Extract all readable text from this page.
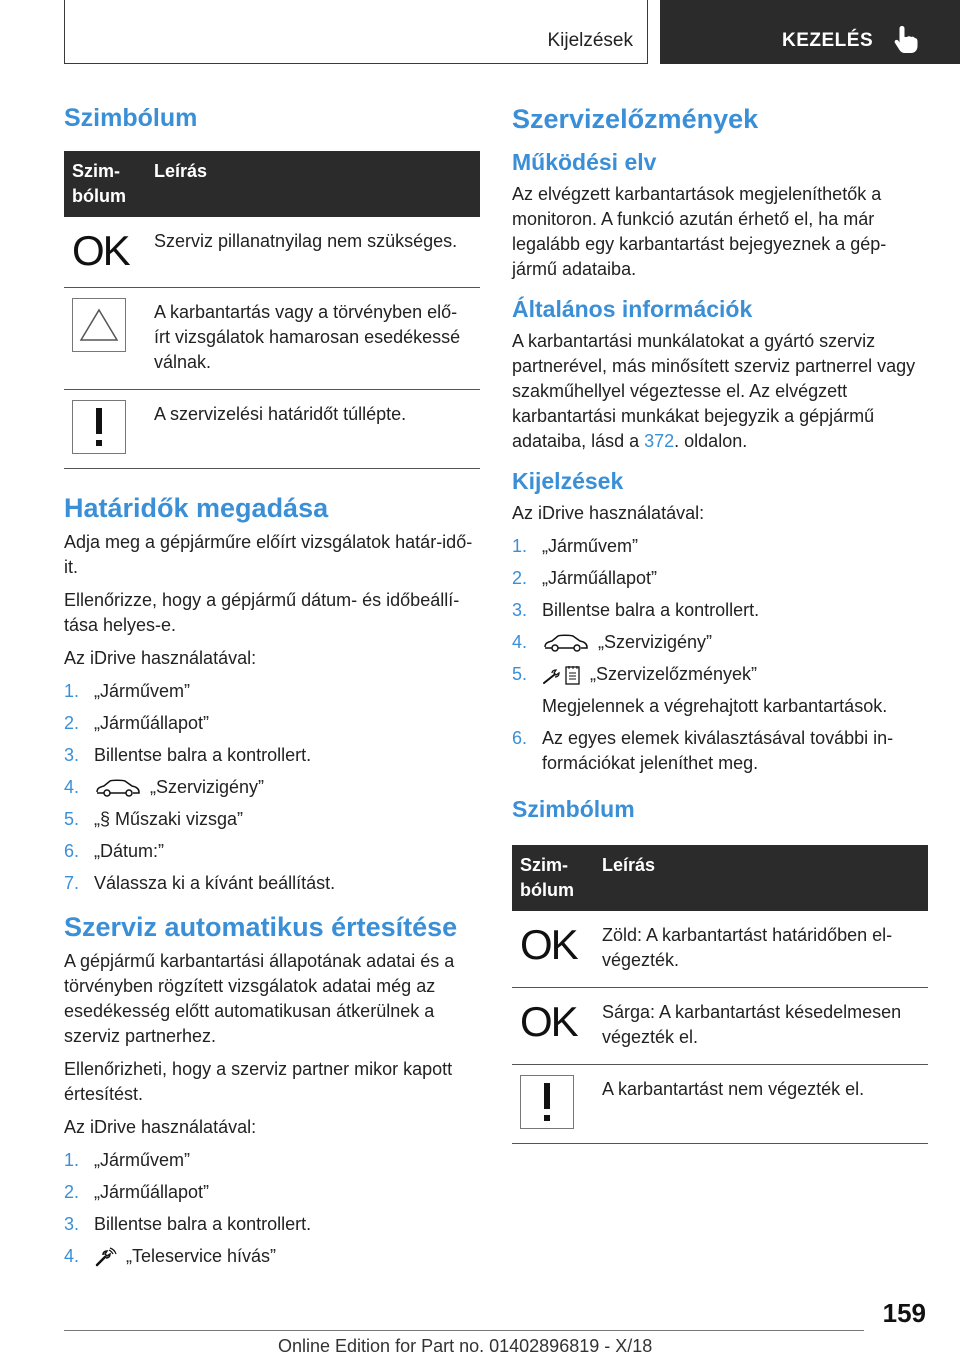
Kijelzések	KEZELÉS
Szimbólum
Szim-
bólum	Leírás

OK	Szerviz pillanatnyilag nem szükséges.

	A karbantartás vagy a törvényben elő-írt vizsgálatok hamarosan esedékessé válnak.

	A szervizelési határidőt túllépte.
Határidők megadása

Adja meg a gépjárműre előírt vizsgálatok határ-időit.

Ellenőrizze, hogy a gépjármű dátum- és időbeállí-tása helyes-e.

Az iDrive használatával:

1. „Járművem”
2. „Járműállapot”
3. Billentse balra a kontrollert.
4.	„Szervizigény”
5. „§ Műszaki vizsga”
6. „Dátum:”
7. Válassza ki a kívánt beállítást.
Szerviz automatikus értesítése

A gépjármű karbantartási állapotának adatai és a törvényben rögzített vizsgálatok adatai még az esedékesség előtt automatikusan átkerülnek a szerviz partnerhez.

Ellenőrizheti, hogy a szerviz partner mikor kapott értesítést.

Az iDrive használatával:

1. „Járművem”
2. „Járműállapot”
3. Billentse balra a kontrollert.
4.	„Teleservice hívás”
Szervizelőzmények
Működési elv

Az elvégzett karbantartások megjeleníthetők a monitoron. A funkció azután érhető el, ha már legalább egy karbantartást bejegyeznek a gép-jármű adataiba.

Általános információk

A karbantartási munkálatokat a gyártó szerviz partnerével, más minősített szerviz partnerrel vagy szakműhellyel végeztesse el. Az elvégzett karbantartási munkákat bejegyzik a gépjármű adataiba, lásd a 372. oldalon.

Kijelzések

Az iDrive használatával:

1. „Járművem”
2. „Járműállapot”
3. Billentse balra a kontrollert.
4.	„Szervizigény”
5.	„Szervizelőzmények”
Megjelennek a végrehajtott karbantartások.
6. Az egyes elemek kiválasztásával további in-formációkat jeleníthet meg.
Szimbólum
Szim-
bólum	Leírás

OK	Zöld: A karbantartást határidőben el-végezték.

OK	Sárga: A karbantartást késedelmesen végezték el.

	A karbantartást nem végezték el.
159
Online Edition for Part no. 01402896819 - X/18
